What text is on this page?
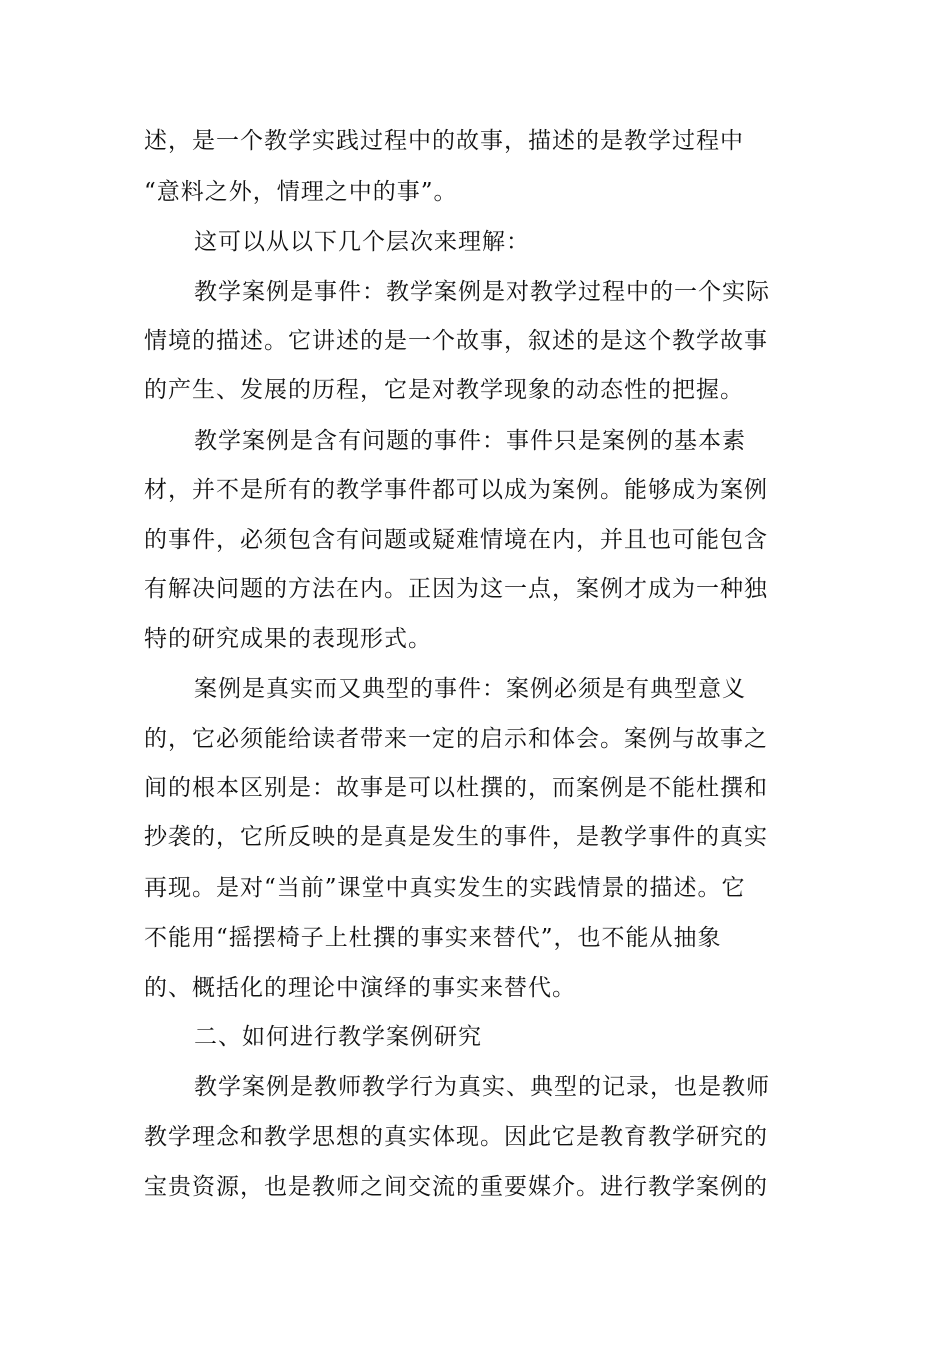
述，是一个教学实践过程中的故事，描述的是教学过程中
“意料之外，情理之中的事”。
这可以从以下几个层次来理解：
教学案例是事件：教学案例是对教学过程中的一个实际
情境的描述。它讲述的是一个故事，叙述的是这个教学故事
的产生、发展的历程，它是对教学现象的动态性的把握。
教学案例是含有问题的事件：事件只是案例的基本素
材，并不是所有的教学事件都可以成为案例。能够成为案例
的事件，必须包含有问题或疑难情境在内，并且也可能包含
有解决问题的方法在内。正因为这一点，案例才成为一种独
特的研究成果的表现形式。
案例是真实而又典型的事件：案例必须是有典型意义
的，它必须能给读者带来一定的启示和体会。案例与故事之
间的根本区别是：故事是可以杜撰的，而案例是不能杜撰和
抄袭的，它所反映的是真是发生的事件，是教学事件的真实
再现。是对“当前”课堂中真实发生的实践情景的描述。它
不能用“摇摆椅子上杜撰的事实来替代”，也不能从抽象
的、概括化的理论中演绎的事实来替代。
二、如何进行教学案例研究
教学案例是教师教学行为真实、典型的记录，也是教师
教学理念和教学思想的真实体现。因此它是教育教学研究的
宝贵资源，也是教师之间交流的重要媒介。进行教学案例的
